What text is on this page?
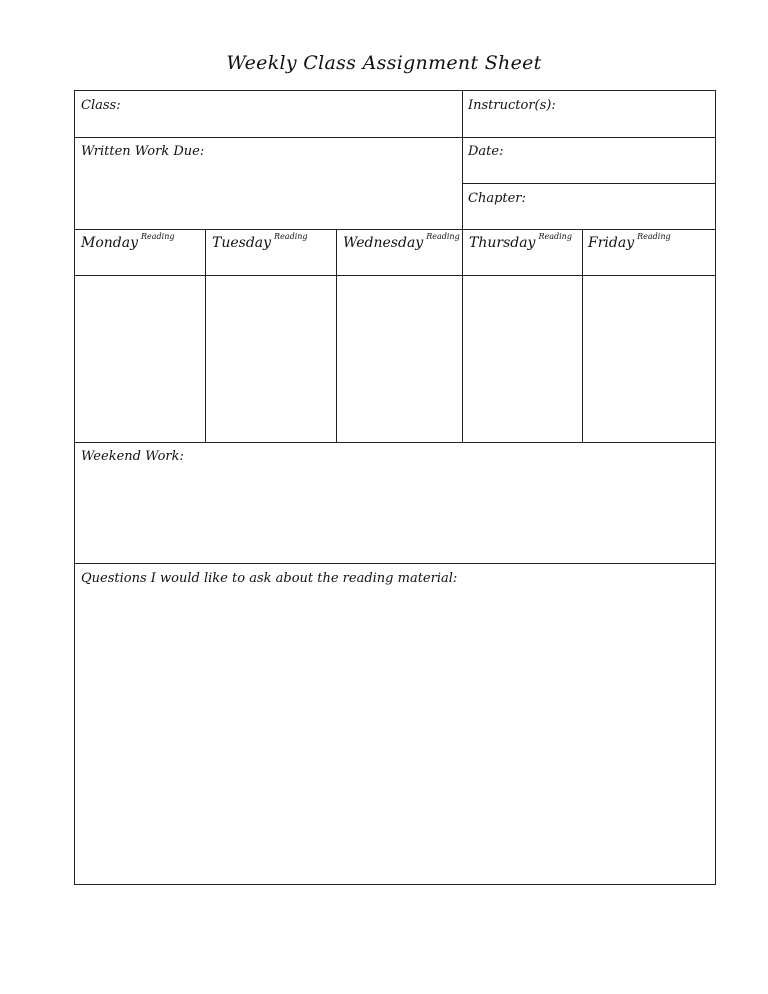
Weekly Class Assignment Sheet
Class:	Instructor(s):
Written Work Due:	Date:
Chapter:
Monday $^{Reading}$	Tuesday $^{Reading}$	Wednesday $^{Reading}$ Thursday $^{Reading}$ Friday $^{Reading}$
Weekend Work:
Questions I would like to ask about the reading material:
